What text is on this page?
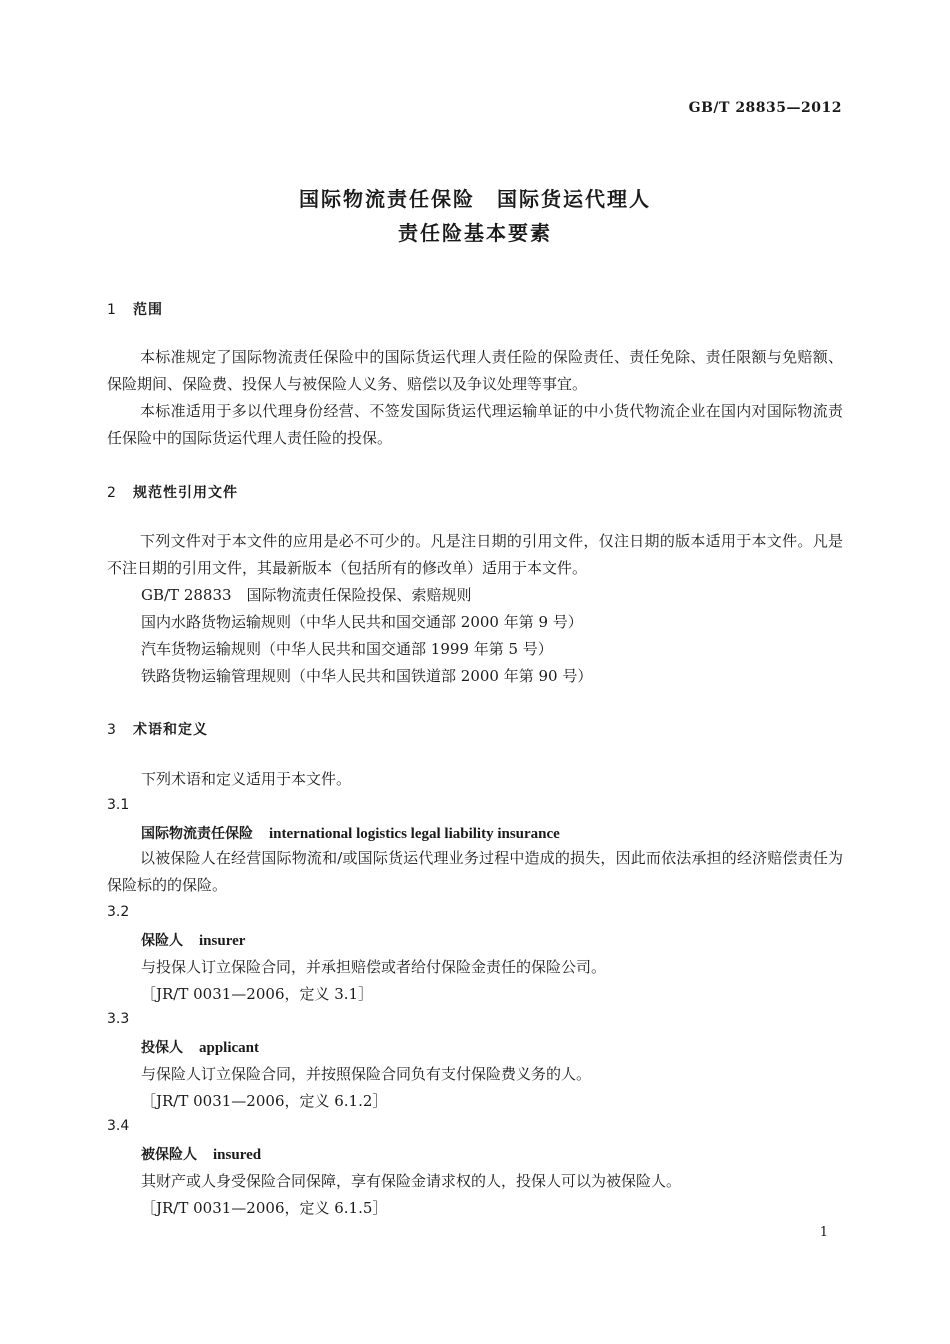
GB/T 28835—2012
国际物流责任保险　国际货运代理人
责任险基本要素
1 范围
本标准规定了国际物流责任保险中的国际货运代理人责任险的保险责任、责任免除、责任限额与免赔额、保险期间、保险费、投保人与被保险人义务、赔偿以及争议处理等事宜。
本标准适用于多以代理身份经营、不签发国际货运代理运输单证的中小货代物流企业在国内对国际物流责任保险中的国际货运代理人责任险的投保。
2 规范性引用文件
下列文件对于本文件的应用是必不可少的。凡是注日期的引用文件，仅注日期的版本适用于本文件。凡是不注日期的引用文件，其最新版本（包括所有的修改单）适用于本文件。
GB/T 28833　国际物流责任保险投保、索赔规则
国内水路货物运输规则（中华人民共和国交通部 2000 年第 9 号）
汽车货物运输规则（中华人民共和国交通部 1999 年第 5 号）
铁路货物运输管理规则（中华人民共和国铁道部 2000 年第 90 号）
3 术语和定义
下列术语和定义适用于本文件。
3.1
国际物流责任保险 international logistics legal liability insurance
以被保险人在经营国际物流和/或国际货运代理业务过程中造成的损失，因此而依法承担的经济赔偿责任为保险标的的保险。
3.2
保险人 insurer
与投保人订立保险合同，并承担赔偿或者给付保险金责任的保险公司。
［JR/T 0031—2006，定义 3.1］
3.3
投保人 applicant
与保险人订立保险合同，并按照保险合同负有支付保险费义务的人。
［JR/T 0031—2006，定义 6.1.2］
3.4
被保险人 insured
其财产或人身受保险合同保障，享有保险金请求权的人，投保人可以为被保险人。
［JR/T 0031—2006，定义 6.1.5］
1
